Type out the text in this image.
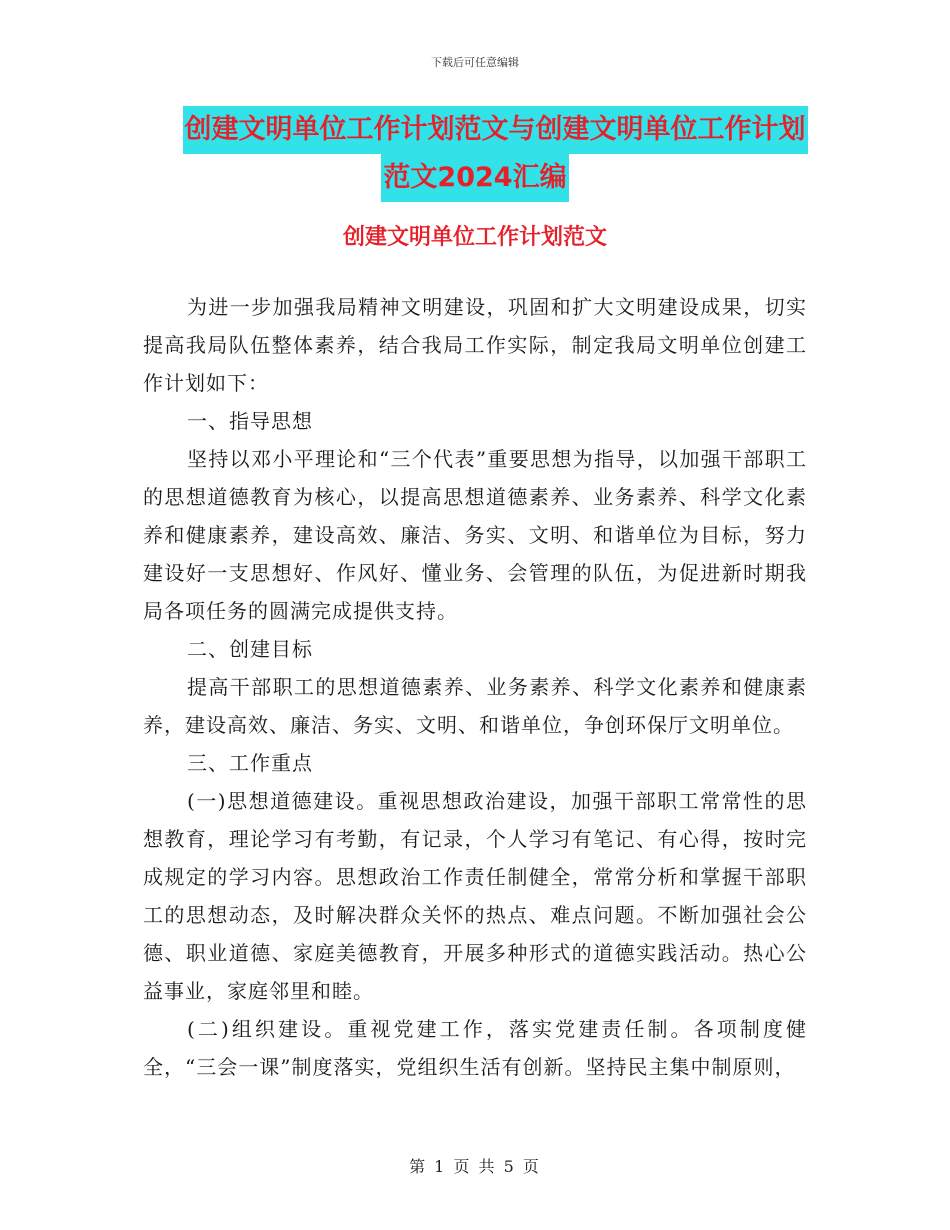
下载后可任意编辑
创建文明单位工作计划范文与创建文明单位工作计划
范文2024汇编
创建文明单位工作计划范文

为进一步加强我局精神文明建设，巩固和扩大文明建设成果，切实提高我局队伍整体素养，结合我局工作实际，制定我局文明单位创建工作计划如下：

一、指导思想

坚持以邓小平理论和“三个代表”重要思想为指导，以加强干部职工的思想道德教育为核心，以提高思想道德素养、业务素养、科学文化素养和健康素养，建设高效、廉洁、务实、文明、和谐单位为目标，努力建设好一支思想好、作风好、懂业务、会管理的队伍，为促进新时期我局各项任务的圆满完成提供支持。

二、创建目标

提高干部职工的思想道德素养、业务素养、科学文化素养和健康素养，建设高效、廉洁、务实、文明、和谐单位，争创环保厅文明单位。

三、工作重点

(一)思想道德建设。重视思想政治建设，加强干部职工常常性的思想教育，理论学习有考勤，有记录，个人学习有笔记、有心得，按时完成规定的学习内容。思想政治工作责任制健全，常常分析和掌握干部职工的思想动态，及时解决群众关怀的热点、难点问题。不断加强社会公德、职业道德、家庭美德教育，开展多种形式的道德实践活动。热心公益事业，家庭邻里和睦。

(二)组织建设。重视党建工作，落实党建责任制。各项制度健全，“三会一课”制度落实，党组织生活有创新。坚持民主集中制原则，

第 1 页 共 5 页
